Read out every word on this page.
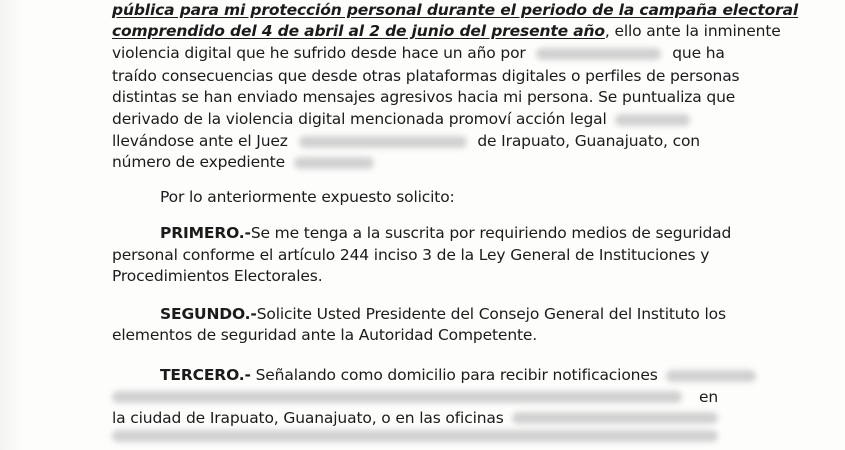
pública para mi protección personal durante el periodo de la campaña electoral
comprendido del 4 de abril al 2 de junio del presente año, ello ante la inminente
violencia digital que he sufrido desde hace un año por	que ha
traído consecuencias que desde otras plataformas digitales o perfiles de personas
distintas se han enviado mensajes agresivos hacia mi persona. Se puntualiza que
derivado de la violencia digital mencionada promoví acción legal
llevándose ante el Juez	de Irapuato, Guanajuato, con
número de expediente
Por lo anteriormente expuesto solicito:
PRIMERO.- Se me tenga a la suscrita por requiriendo medios de seguridad
personal conforme el artículo 244 inciso 3 de la Ley General de Instituciones y
Procedimientos Electorales.
SEGUNDO.- Solicite Usted Presidente del Consejo General del Instituto los
elementos de seguridad ante la Autoridad Competente.
TERCERO.- Señalando como domicilio para recibir notificaciones
en
la ciudad de Irapuato, Guanajuato, o en las oficinas
